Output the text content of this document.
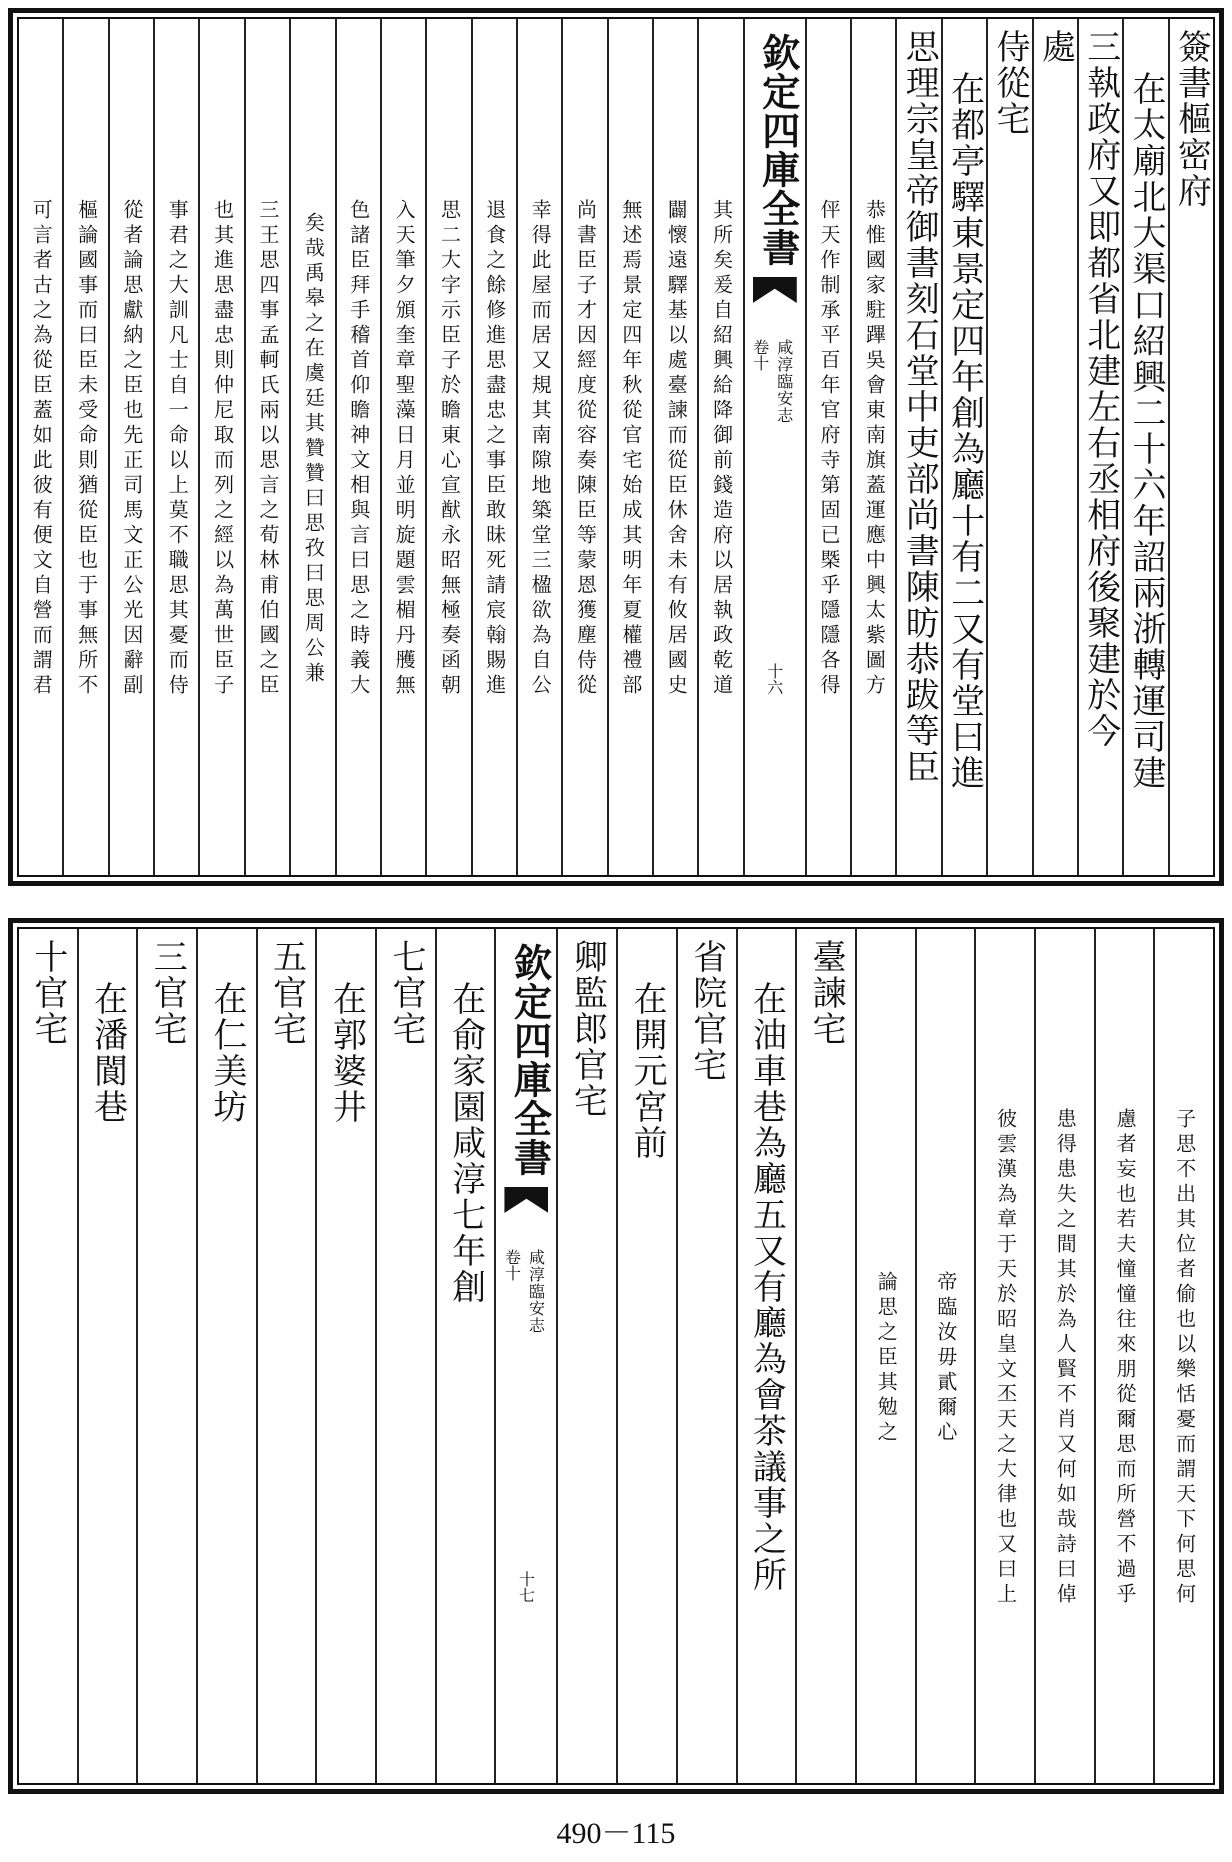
簽書樞密府
在太廟北大渠口紹興二十六年詔兩浙轉運司建
三執政府又即都省北建左右丞相府後聚建於今
處
侍從宅
在都亭驛東景定四年創為廳十有二又有堂曰進
思理宗皇帝御書刻石堂中吏部尚書陳昉恭跋等臣
恭惟國家駐蹕吳會東南旗蓋運應中興太紫圖方
伻天作制承平百年官府寺第固已槩乎隱隱各得
欽定四庫全書
咸淳臨安志
卷十
十六
其所矣爰自紹興給降御前錢造府以居執政乾道
闢懷遠驛基以處臺諫而從臣休舍未有攸居國史
無述焉景定四年秋從官宅始成其明年夏權禮部
尚書臣子才因經度從容奏陳臣等蒙恩獲塵侍從
幸得此屋而居又規其南隙地築堂三楹欲為自公
退食之餘修進思盡忠之事臣敢昧死請宸翰賜進
思二大字示臣子於瞻東心宣猷永昭無極奏函朝
入天筆夕頒奎章聖藻日月並明旋題雲楣丹雘無
色諸臣拜手稽首仰瞻神文相與言曰思之時義大
矣哉禹皋之在虞廷其贊贊曰思孜曰思周公兼
三王思四事孟軻氏兩以思言之荀林甫伯國之臣
也其進思盡忠則仲尼取而列之經以為萬世臣子
事君之大訓凡士自一命以上莫不職思其憂而侍
從者論思獻納之臣也先正司馬文正公光因辭副
樞論國事而曰臣未受命則猶從臣也于事無所不
可言者古之為從臣蓋如此彼有便文自營而謂君
子思不出其位者偷也以樂恬憂而謂天下何思何
慮者妄也若夫憧憧往來朋從爾思而所營不過乎
患得患失之間其於為人賢不肖又何如哉詩曰倬
彼雲漢為章于天於昭皇文丕天之大律也又曰上
帝臨汝毋貳爾心
論思之臣其勉之
臺諫宅
在油車巷為廳五又有廳為會茶議事之所
省院官宅
在開元宮前
卿監郎官宅
欽定四庫全書
咸淳臨安志
卷十
十七
在俞家園咸淳七年創
七官宅
在郭婆井
五官宅
在仁美坊
三官宅
在潘閬巷
十官宅
490－115
